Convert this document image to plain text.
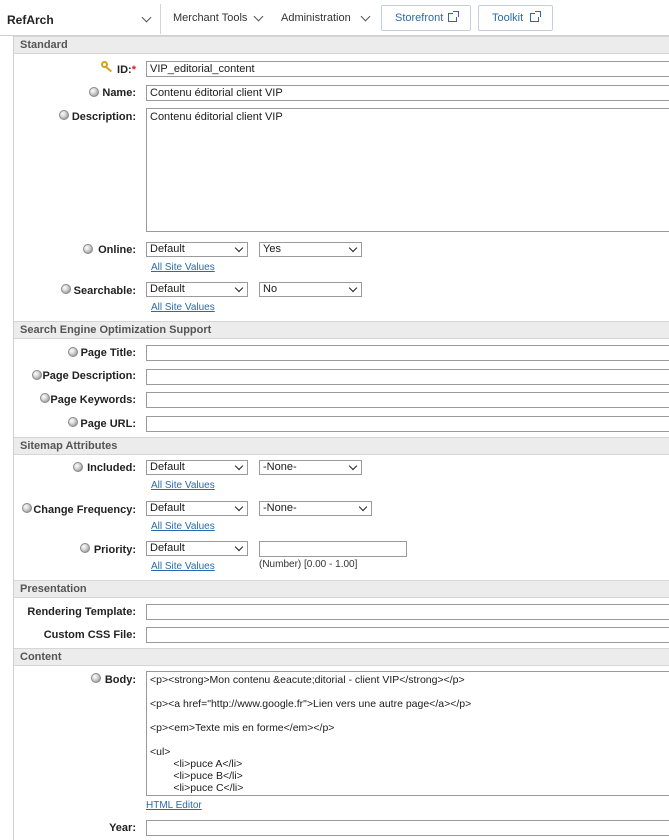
RefArch	Merchant Tools	Administration	Storefront	Toolkit
Standard
ID:*	VIP_editorial_content
Name:	Contenu éditorial client VIP
Description:	Contenu éditorial client VIP
Online:	Default	Yes
All Site Values
Searchable:	Default	No
All Site Values
Search Engine Optimization Support
Page Title:
Page Description:
Page Keywords:
Page URL:
Sitemap Attributes
Included:	Default	-None-
All Site Values
Change Frequency:	Default	-None-
All Site Values
Priority:	Default
(Number) [0.00 - 1.00]
All Site Values
Presentation
Rendering Template:
Custom CSS File:
Content
Body:	<p><strong>Mon contenu &eacute;ditorial - client VIP</strong></p>

<p><a href="http://www.google.fr">Lien vers une autre page</a></p>

<p><em>Texte mis en forme</em></p>

<ul>
<li>puce A</li>
<li>puce B</li>
<li>puce C</li>
HTML Editor
Year:
